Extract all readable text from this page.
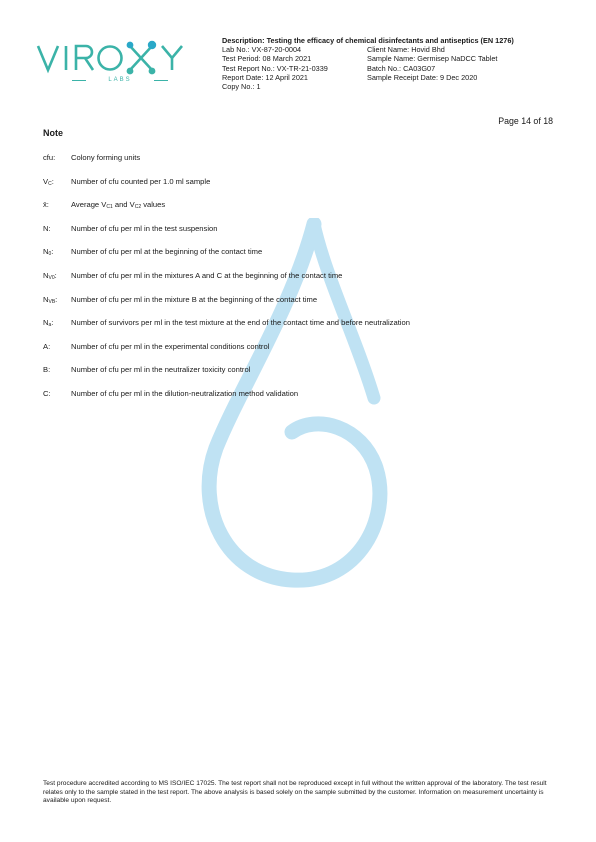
LABS
Description: Testing the efficacy of chemical disinfectants and antiseptics (EN 1276)
Lab No.: VX-87-20-0004	Client Name: Hovid Bhd
Test Period: 08 March 2021	Sample Name: Germisep NaDCC Tablet
Test Report No.: VX-TR-21-0339	Batch No.: CA03G07
Report Date: 12 April 2021	Sample Receipt Date: 9 Dec 2020
Copy No.: 1
Page 14 of 18
Note
cfu:	Colony forming units
$V_C$:	Number of cfu counted per 1.0 ml sample
x̄:	Average $V_{C1}$ and $V_{C2}$ values
N:	Number of cfu per ml in the test suspension
$N_0$:	Number of cfu per ml at the beginning of the contact time
$N_{V0}$:	Number of cfu per ml in the mixtures A and C at the beginning of the contact time
$N_{VB}$:	Number of cfu per ml in the mixture B at the beginning of the contact time
$N_a$:	Number of survivors per ml in the test mixture at the end of the contact time and before neutralization
A:	Number of cfu per ml in the experimental conditions control
B:	Number of cfu per ml in the neutralizer toxicity control
C:	Number of cfu per ml in the dilution-neutralization method validation
Test procedure accredited according to MS ISO/IEC 17025. The test report shall not be reproduced except in full without the written approval of the laboratory. The test result relates only to the sample stated in the test report. The above analysis is based solely on the sample submitted by the customer. Information on measurement uncertainty is available upon request.
